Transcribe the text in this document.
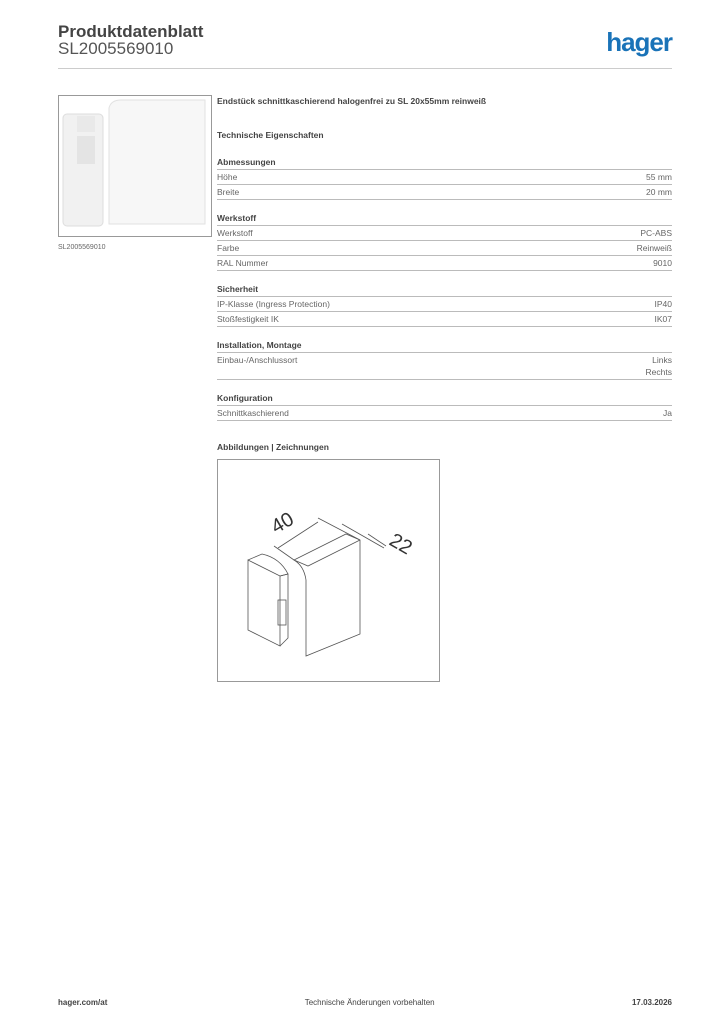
Produktdatenblatt
SL2005569010	hager
SL2005569010
Endstück schnittkaschierend halogenfrei zu SL 20x55mm reinweiß
Technische Eigenschaften
Abmessungen
Höhe	55 mm
Breite	20 mm
Werkstoff
Werkstoff	PC-ABS
Farbe	Reinweiß
RAL Nummer	9010
Sicherheit
IP-Klasse (Ingress Protection)	IP40
Stoßfestigkeit IK	IK07
Installation, Montage
Einbau-/Anschlussort	Links
Rechts
Konfiguration
Schnittkaschierend	Ja
Abbildungen | Zeichnungen
40
22
hager.com/at	Technische Änderungen vorbehalten	17.03.2026
